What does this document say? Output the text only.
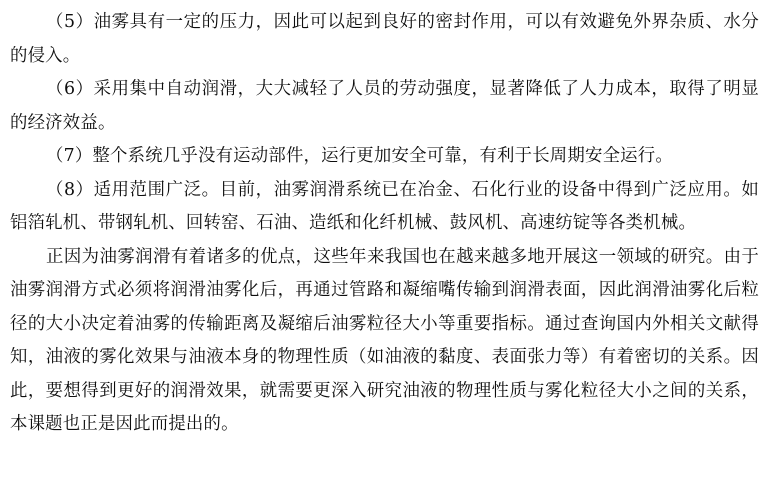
（5）油雾具有一定的压力，因此可以起到良好的密封作用，可以有效避免外界杂质、水分的侵入。

（6）采用集中自动润滑，大大减轻了人员的劳动强度，显著降低了人力成本，取得了明显的经济效益。

（7）整个系统几乎没有运动部件，运行更加安全可靠，有利于长周期安全运行。

（8）适用范围广泛。目前，油雾润滑系统已在冶金、石化行业的设备中得到广泛应用。如铝箔轧机、带钢轧机、回转窑、石油、造纸和化纤机械、鼓风机、高速纺锭等各类机械。

正因为油雾润滑有着诸多的优点，这些年来我国也在越来越多地开展这一领域的研究。由于油雾润滑方式必须将润滑油雾化后，再通过管路和凝缩嘴传输到润滑表面，因此润滑油雾化后粒径的大小决定着油雾的传输距离及凝缩后油雾粒径大小等重要指标。通过查询国内外相关文献得知，油液的雾化效果与油液本身的物理性质（如油液的黏度、表面张力等）有着密切的关系。因此，要想得到更好的润滑效果，就需要更深入研究油液的物理性质与雾化粒径大小之间的关系，本课题也正是因此而提出的。
